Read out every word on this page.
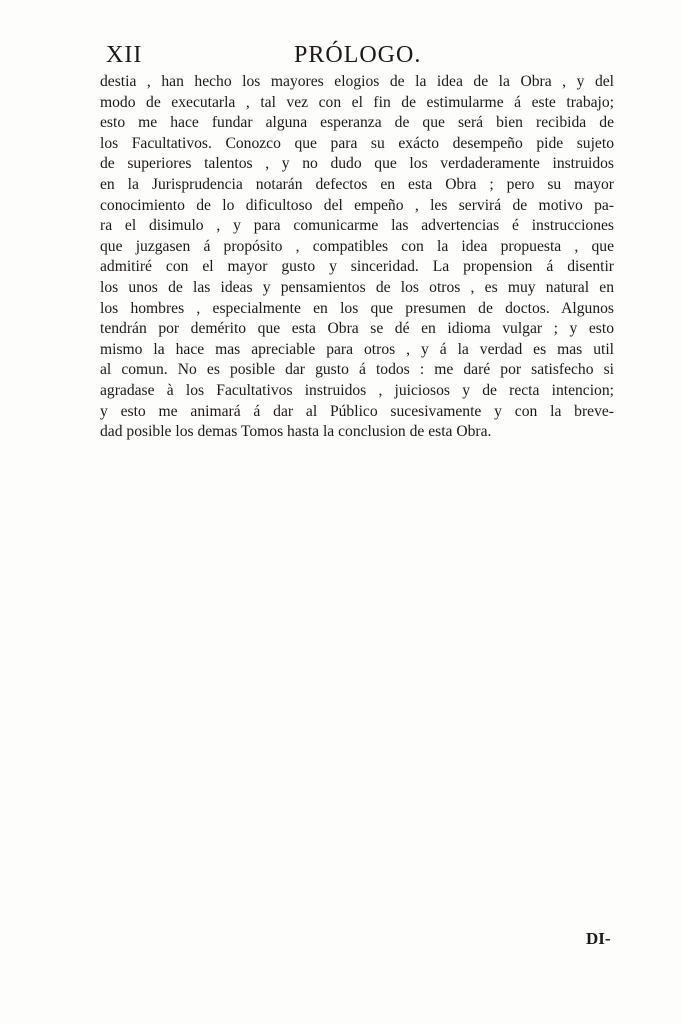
XII	PRÓLOGO.
destia , han hecho los mayores elogios de la idea de la Obra , y del
modo de executarla , tal vez con el fin de estimularme á este trabajo;
esto me hace fundar alguna esperanza de que será bien recibida de
los Facultativos. Conozco que para su exácto desempeño pide sujeto
de superiores talentos , y no dudo que los verdaderamente instruidos
en la Jurisprudencia notarán defectos en esta Obra ; pero su mayor
conocimiento de lo dificultoso del empeño , les servirá de motivo pa-
ra el disimulo , y para comunicarme las advertencias é instrucciones
que juzgasen á propósito , compatibles con la idea propuesta , que
admitiré con el mayor gusto y sinceridad. La propension á disentir
los unos de las ideas y pensamientos de los otros , es muy natural en
los hombres , especialmente en los que presumen de doctos. Algunos
tendrán por demérito que esta Obra se dé en idioma vulgar ; y esto
mismo la hace mas apreciable para otros , y á la verdad es mas util
al comun. No es posible dar gusto á todos : me daré por satisfecho si
agradase à los Facultativos instruidos , juiciosos y de recta intencion;
y esto me animará á dar al Público sucesivamente y con la breve-
dad posible los demas Tomos hasta la conclusion de esta Obra.
DI-
